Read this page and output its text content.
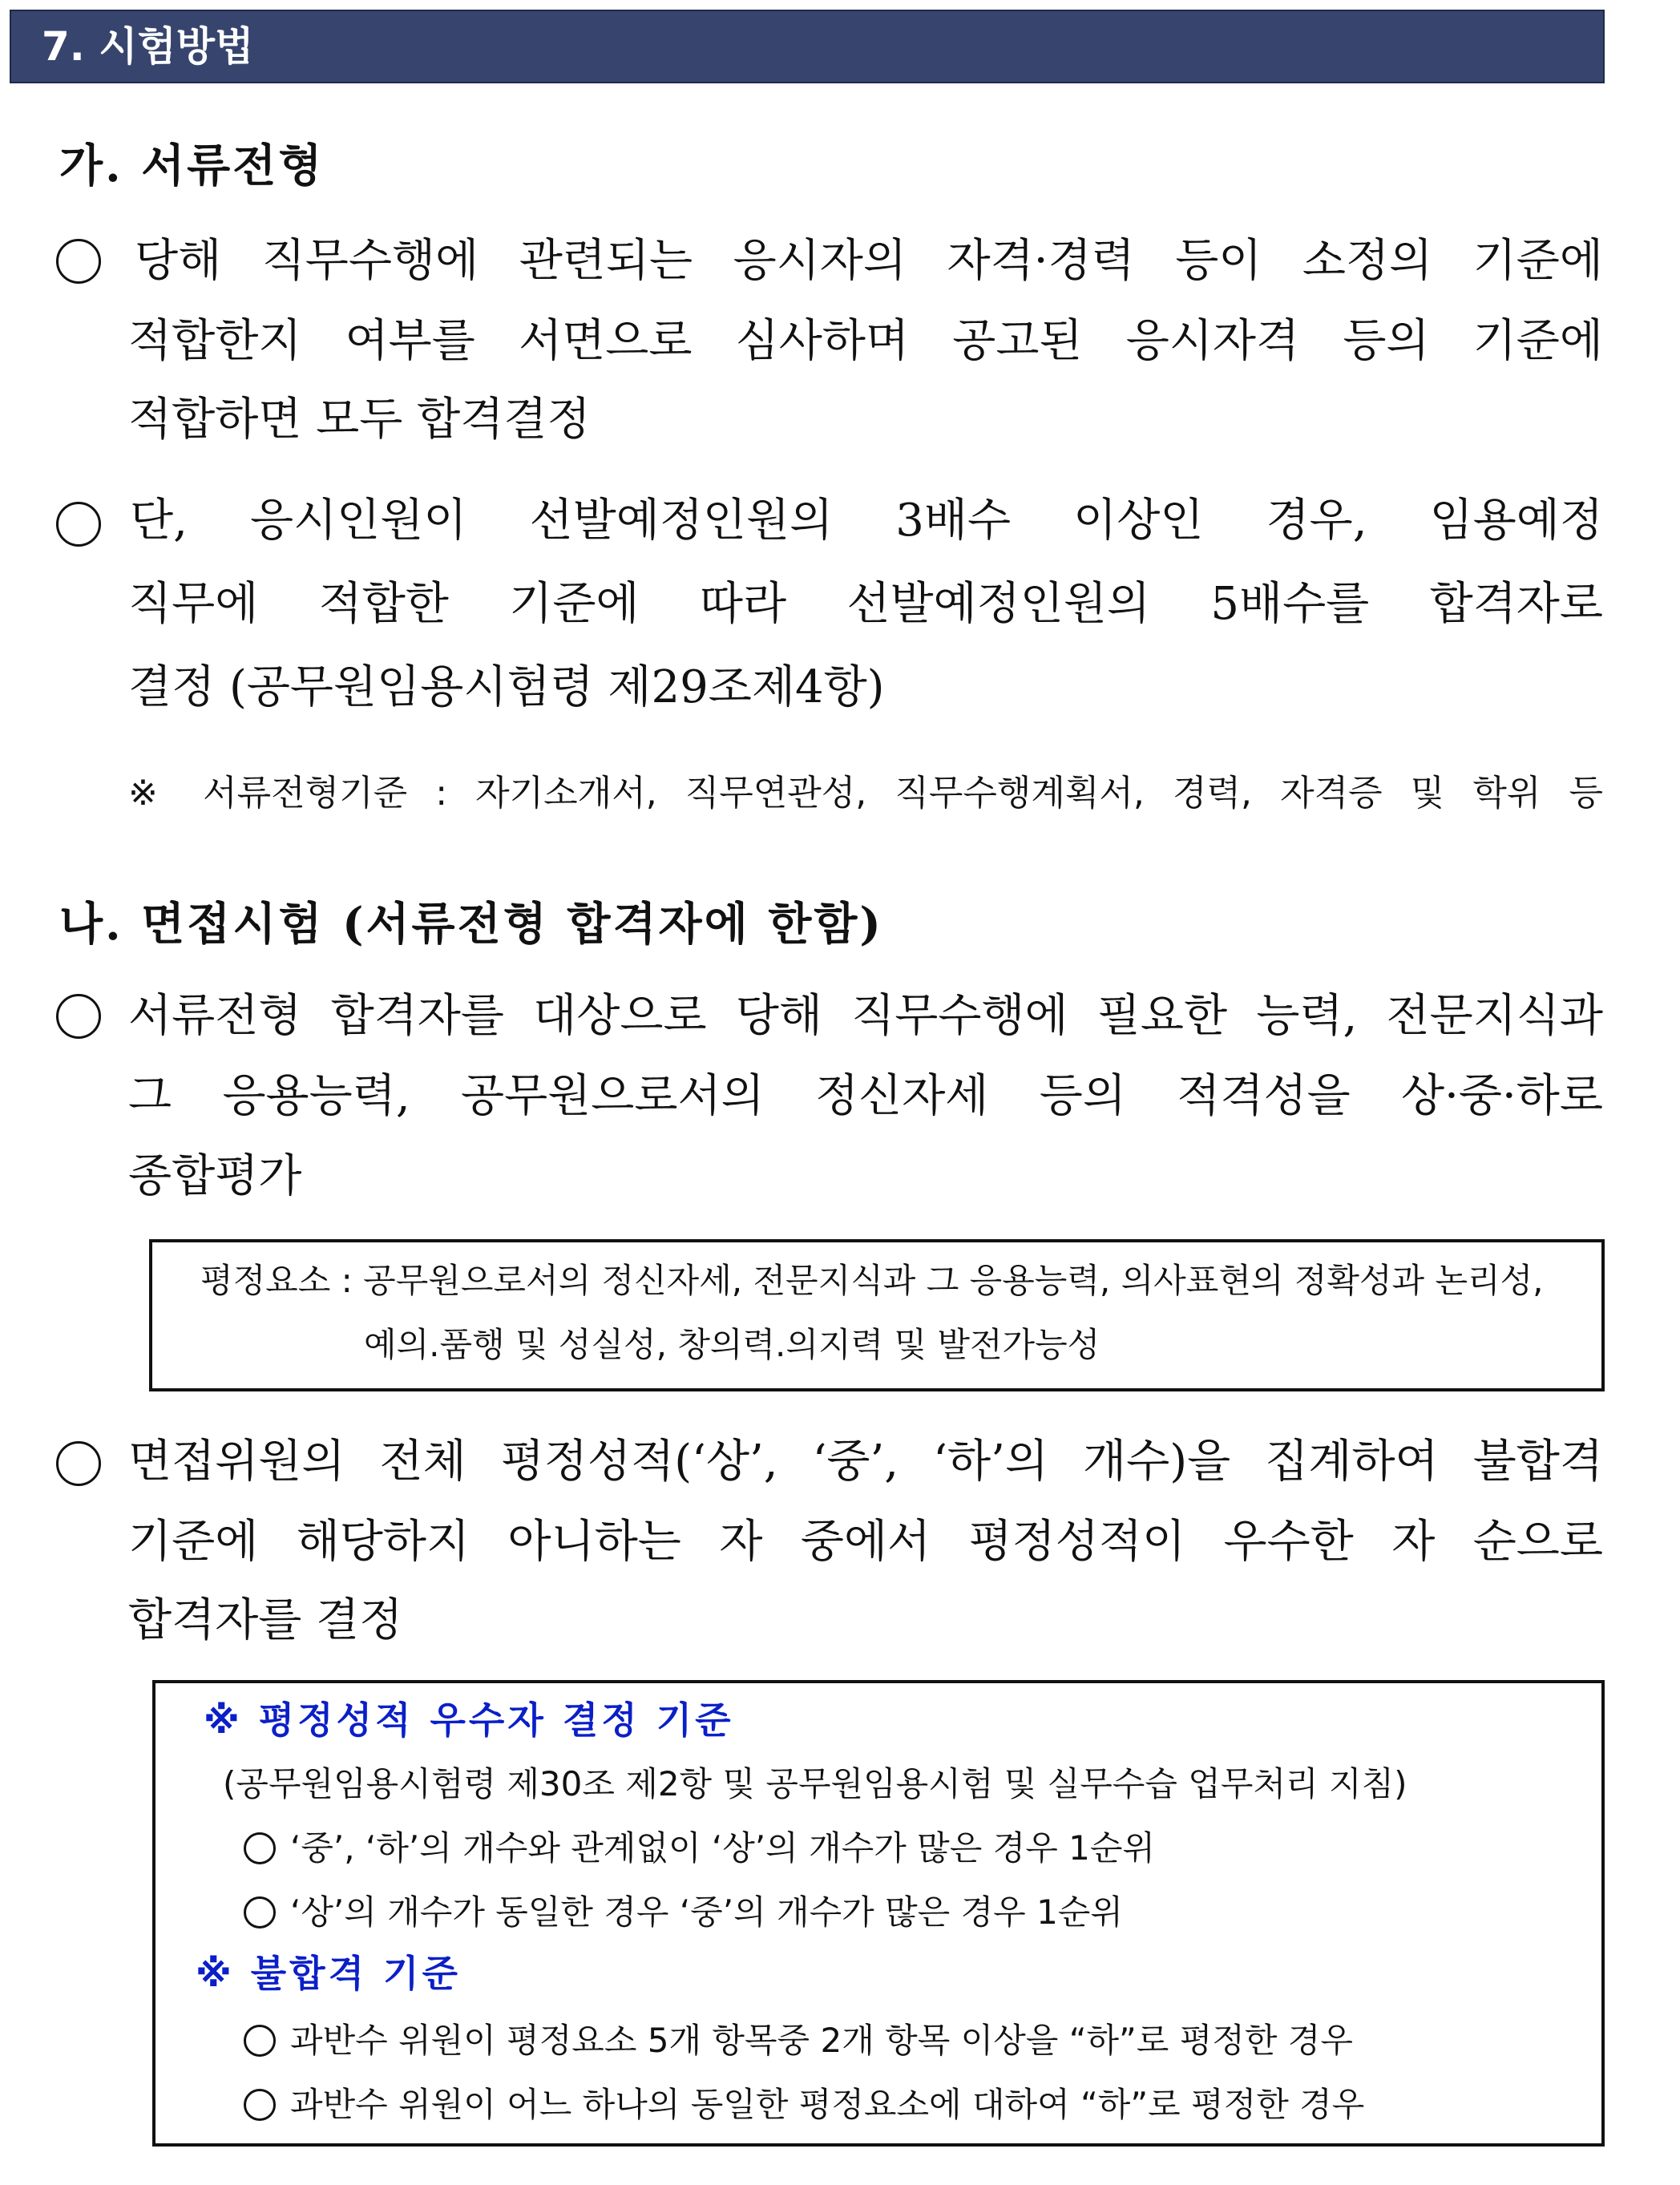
7. 시험방법
가. 서류전형
당해 직무수행에 관련되는 응시자의 자격·경력 등이 소정의 기준에
적합한지 여부를 서면으로 심사하며 공고된 응시자격 등의 기준에
적합하면 모두 합격결정
단, 응시인원이 선발예정인원의 3배수 이상인 경우, 임용예정
직무에 적합한 기준에 따라 선발예정인원의 5배수를 합격자로
결정 (공무원임용시험령 제29조제4항)
※ 서류전형기준 : 자기소개서, 직무연관성, 직무수행계획서, 경력, 자격증 및 학위 등
나. 면접시험 (서류전형 합격자에 한함)
서류전형 합격자를 대상으로 당해 직무수행에 필요한 능력, 전문지식과
그 응용능력, 공무원으로서의 정신자세 등의 적격성을 상·중·하로
종합평가
평정요소 : 공무원으로서의 정신자세, 전문지식과 그 응용능력, 의사표현의 정확성과 논리성,
예의.품행 및 성실성, 창의력.의지력 및 발전가능성
면접위원의 전체 평정성적(‘상’, ‘중’, ‘하’의 개수)을 집계하여 불합격
기준에 해당하지 아니하는 자 중에서 평정성적이 우수한 자 순으로
합격자를 결정
※ 평정성적 우수자 결정 기준
(공무원임용시험령 제30조 제2항 및 공무원임용시험 및 실무수습 업무처리 지침)
‘중’, ‘하’의 개수와 관계없이 ‘상’의 개수가 많은 경우 1순위
‘상’의 개수가 동일한 경우 ‘중’의 개수가 많은 경우 1순위
※ 불합격 기준
과반수 위원이 평정요소 5개 항목중 2개 항목 이상을 “하”로 평정한 경우
과반수 위원이 어느 하나의 동일한 평정요소에 대하여 “하”로 평정한 경우
